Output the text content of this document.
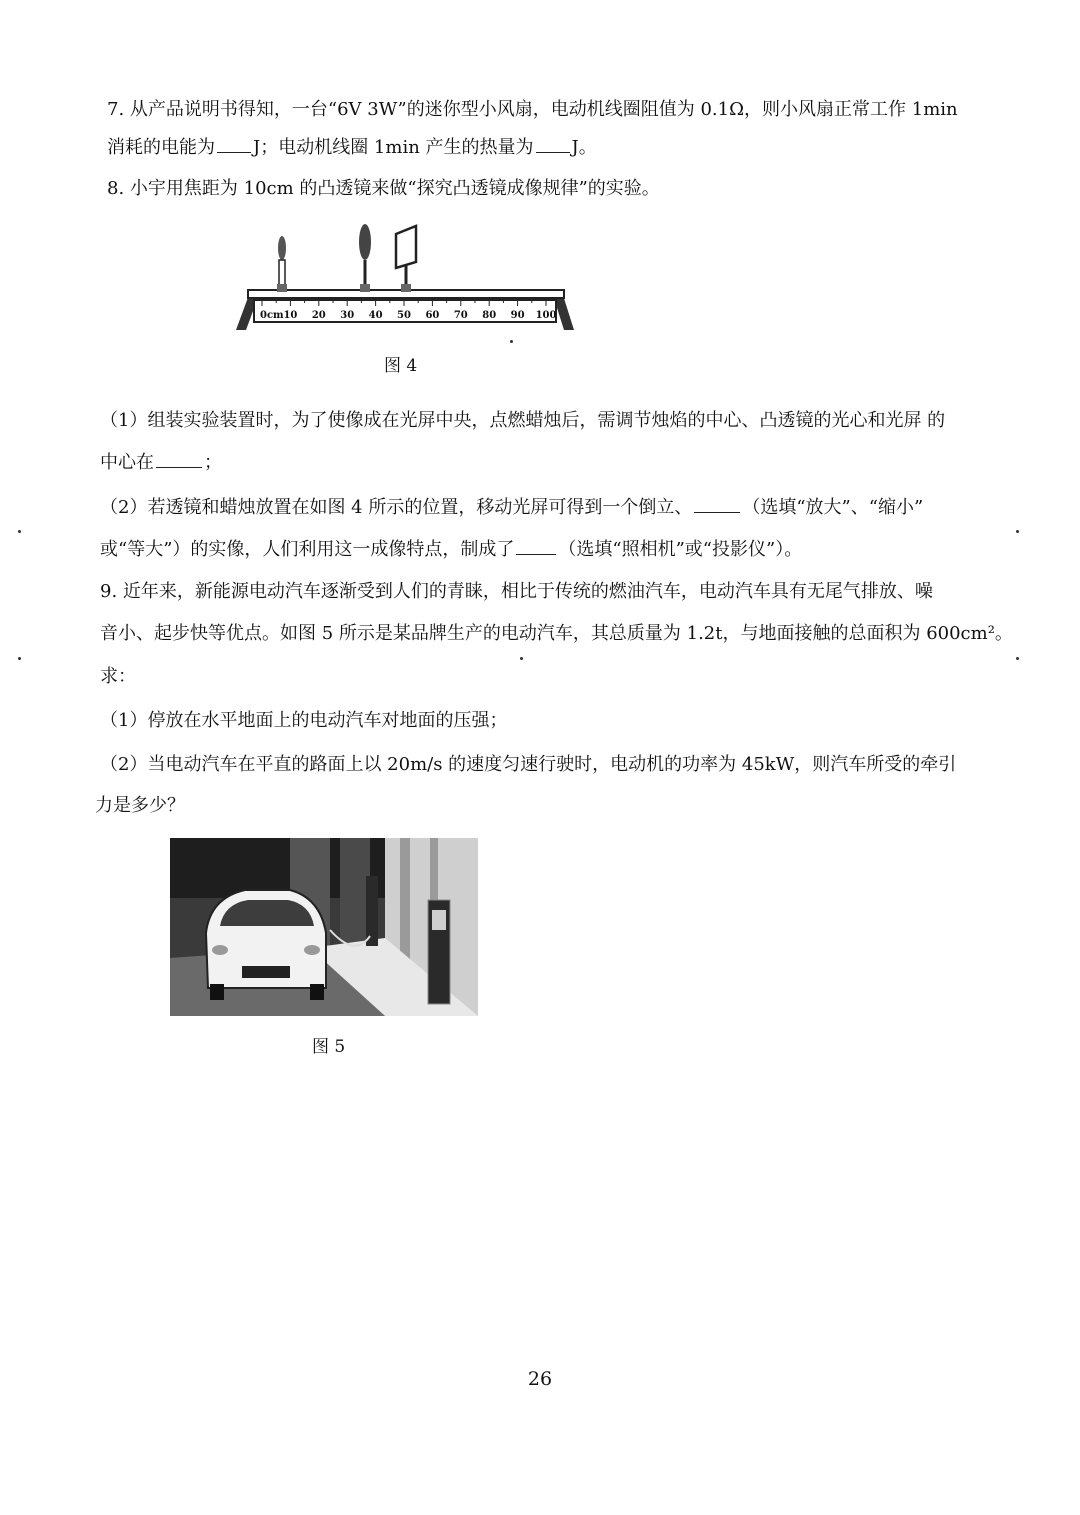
7. 从产品说明书得知，一台“6V 3W”的迷你型小风扇，电动机线圈阻值为 0.1Ω，则小风扇正常工作 1min
消耗的电能为 J；电动机线圈 1min 产生的热量为 J。
8. 小宇用焦距为 10cm 的凸透镜来做“探究凸透镜成像规律”的实验。
0cm 10 20 30 40 50 60 70 80 90 100
图 4
（1）组装实验装置时，为了使像成在光屏中央，点燃蜡烛后，需调节烛焰的中心、凸透镜的光心和光屏 的
中心在	；
（2）若透镜和蜡烛放置在如图 4 所示的位置，移动光屏可得到一个倒立、	（选填“放大”、“缩小”
或“等大”）的实像，人们利用这一成像特点，制成了 （选填“照相机”或“投影仪”）。
9. 近年来，新能源电动汽车逐渐受到人们的青睐，相比于传统的燃油汽车，电动汽车具有无尾气排放、噪
音小、起步快等优点。如图 5 所示是某品牌生产的电动汽车，其总质量为 1.2t，与地面接触的总面积为 600cm²。
求：
（1）停放在水平地面上的电动汽车对地面的压强；
（2）当电动汽车在平直的路面上以 20m/s 的速度匀速行驶时，电动机的功率为 45kW，则汽车所受的牵引
力是多少？
图 5
26
